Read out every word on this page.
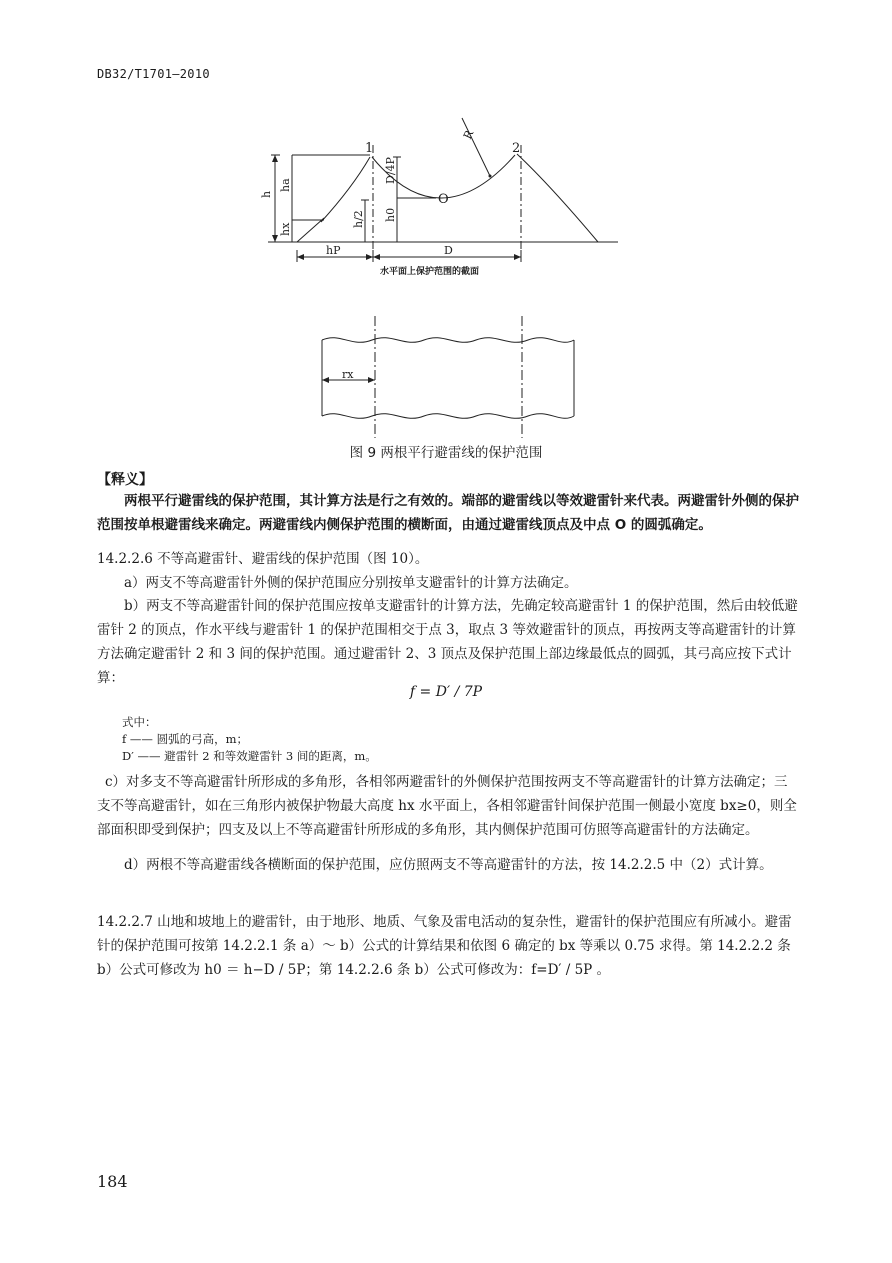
DB32/T1701—2010
1	2
O
h
ha
hx
h/2 h0
D/4P
R
hP	D
水平面上保护范围的截面
rx
图 9 两根平行避雷线的保护范围
【释义】
两根平行避雷线的保护范围，其计算方法是行之有效的。端部的避雷线以等效避雷针来代表。两避雷针外侧的保护范围按单根避雷线来确定。两避雷线内侧保护范围的横断面，由通过避雷线顶点及中点 O 的圆弧确定。
14.2.2.6 不等高避雷针、避雷线的保护范围（图 10）。
a）两支不等高避雷针外侧的保护范围应分别按单支避雷针的计算方法确定。
b）两支不等高避雷针间的保护范围应按单支避雷针的计算方法，先确定较高避雷针 1 的保护范围，然后由较低避雷针 2 的顶点，作水平线与避雷针 1 的保护范围相交于点 3，取点 3 等效避雷针的顶点，再按两支等高避雷针的计算方法确定避雷针 2 和 3 间的保护范围。通过避雷针 2、3 顶点及保护范围上部边缘最低点的圆弧，其弓高应按下式计算：
f = D′ / 7P
式中：
f —— 圆弧的弓高，m；
D′ —— 避雷针 2 和等效避雷针 3 间的距离，m。
c）对多支不等高避雷针所形成的多角形，各相邻两避雷针的外侧保护范围按两支不等高避雷针的计算方法确定；三支不等高避雷针，如在三角形内被保护物最大高度 hx 水平面上，各相邻避雷针间保护范围一侧最小宽度 bx≥0，则全部面积即受到保护；四支及以上不等高避雷针所形成的多角形，其内侧保护范围可仿照等高避雷针的方法确定。
d）两根不等高避雷线各横断面的保护范围，应仿照两支不等高避雷针的方法，按 14.2.2.5 中（2）式计算。
14.2.2.7 山地和坡地上的避雷针，由于地形、地质、气象及雷电活动的复杂性，避雷针的保护范围应有所减小。避雷针的保护范围可按第 14.2.2.1 条 a）～ b）公式的计算结果和依图 6 确定的 bx 等乘以 0.75 求得。第 14.2.2.2 条 b）公式可修改为 h0 ＝ h−D / 5P；第 14.2.2.6 条 b）公式可修改为：f=D′ / 5P 。
184
